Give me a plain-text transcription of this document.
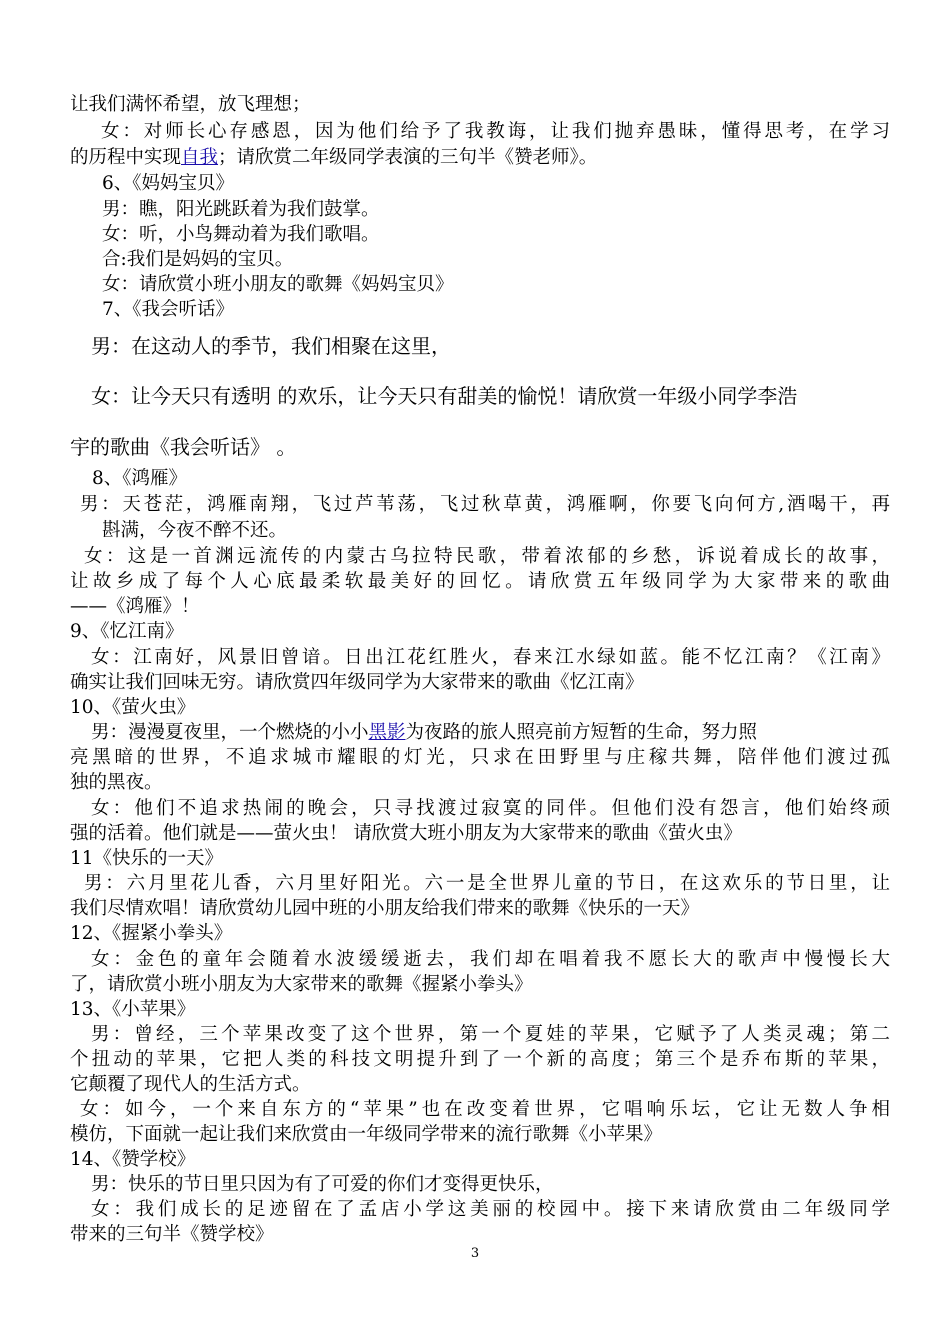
让我们满怀希望，放飞理想；
女：对师长心存感恩，因为他们给予了我教诲，让我们抛弃愚昧，懂得思考，在学习
的历程中实现自我；请欣赏二年级同学表演的三句半《赞老师》。
6、《妈妈宝贝》
男：瞧，阳光跳跃着为我们鼓掌。
女：听，小鸟舞动着为我们歌唱。
合:我们是妈妈的宝贝。
女：请欣赏小班小朋友的歌舞《妈妈宝贝》
7、《我会听话》
男：在这动人的季节，我们相聚在这里，
女：让今天只有透明 的欢乐，让今天只有甜美的愉悦！请欣赏一年级小同学李浩
宇的歌曲《我会听话》 。
8、《鸿雁》
男：天苍茫，鸿雁南翔，飞过芦苇荡，飞过秋草黄，鸿雁啊，你要飞向何方,酒喝干，再
斟满，今夜不醉不还。
女：这是一首渊远流传的内蒙古乌拉特民歌，带着浓郁的乡愁，诉说着成长的故事，
让故乡成了每个人心底最柔软最美好的回忆。请欣赏五年级同学为大家带来的歌曲
——《鸿雁》！
9、《忆江南》
女：江南好，风景旧曾谙。日出江花红胜火，春来江水绿如蓝。能不忆江南？《江南》
确实让我们回味无穷。请欣赏四年级同学为大家带来的歌曲《忆江南》
10、《萤火虫》
男：漫漫夏夜里，一个燃烧的小小黑影为夜路的旅人照亮前方短暂的生命，努力照
亮黑暗的世界，不追求城市耀眼的灯光，只求在田野里与庄稼共舞，陪伴他们渡过孤
独的黑夜。
女：他们不追求热闹的晚会，只寻找渡过寂寞的同伴。但他们没有怨言，他们始终顽
强的活着。他们就是——萤火虫！ 请欣赏大班小朋友为大家带来的歌曲《萤火虫》
11《快乐的一天》
男：六月里花儿香，六月里好阳光。六一是全世界儿童的节日，在这欢乐的节日里，让
我们尽情欢唱！请欣赏幼儿园中班的小朋友给我们带来的歌舞《快乐的一天》
12、《握紧小拳头》
女：金色的童年会随着水波缓缓逝去，我们却在唱着我不愿长大的歌声中慢慢长大
了，请欣赏小班小朋友为大家带来的歌舞《握紧小拳头》
13、《小苹果》
男：曾经，三个苹果改变了这个世界，第一个夏娃的苹果，它赋予了人类灵魂；第二
个扭动的苹果，它把人类的科技文明提升到了一个新的高度；第三个是乔布斯的苹果，
它颠覆了现代人的生活方式。
女：如今，一个来自东方的“苹果”也在改变着世界，它唱响乐坛，它让无数人争相
模仿，下面就一起让我们来欣赏由一年级同学带来的流行歌舞《小苹果》
14、《赞学校》
男：快乐的节日里只因为有了可爱的你们才变得更快乐，
女：我们成长的足迹留在了孟店小学这美丽的校园中。接下来请欣赏由二年级同学
带来的三句半《赞学校》
3
